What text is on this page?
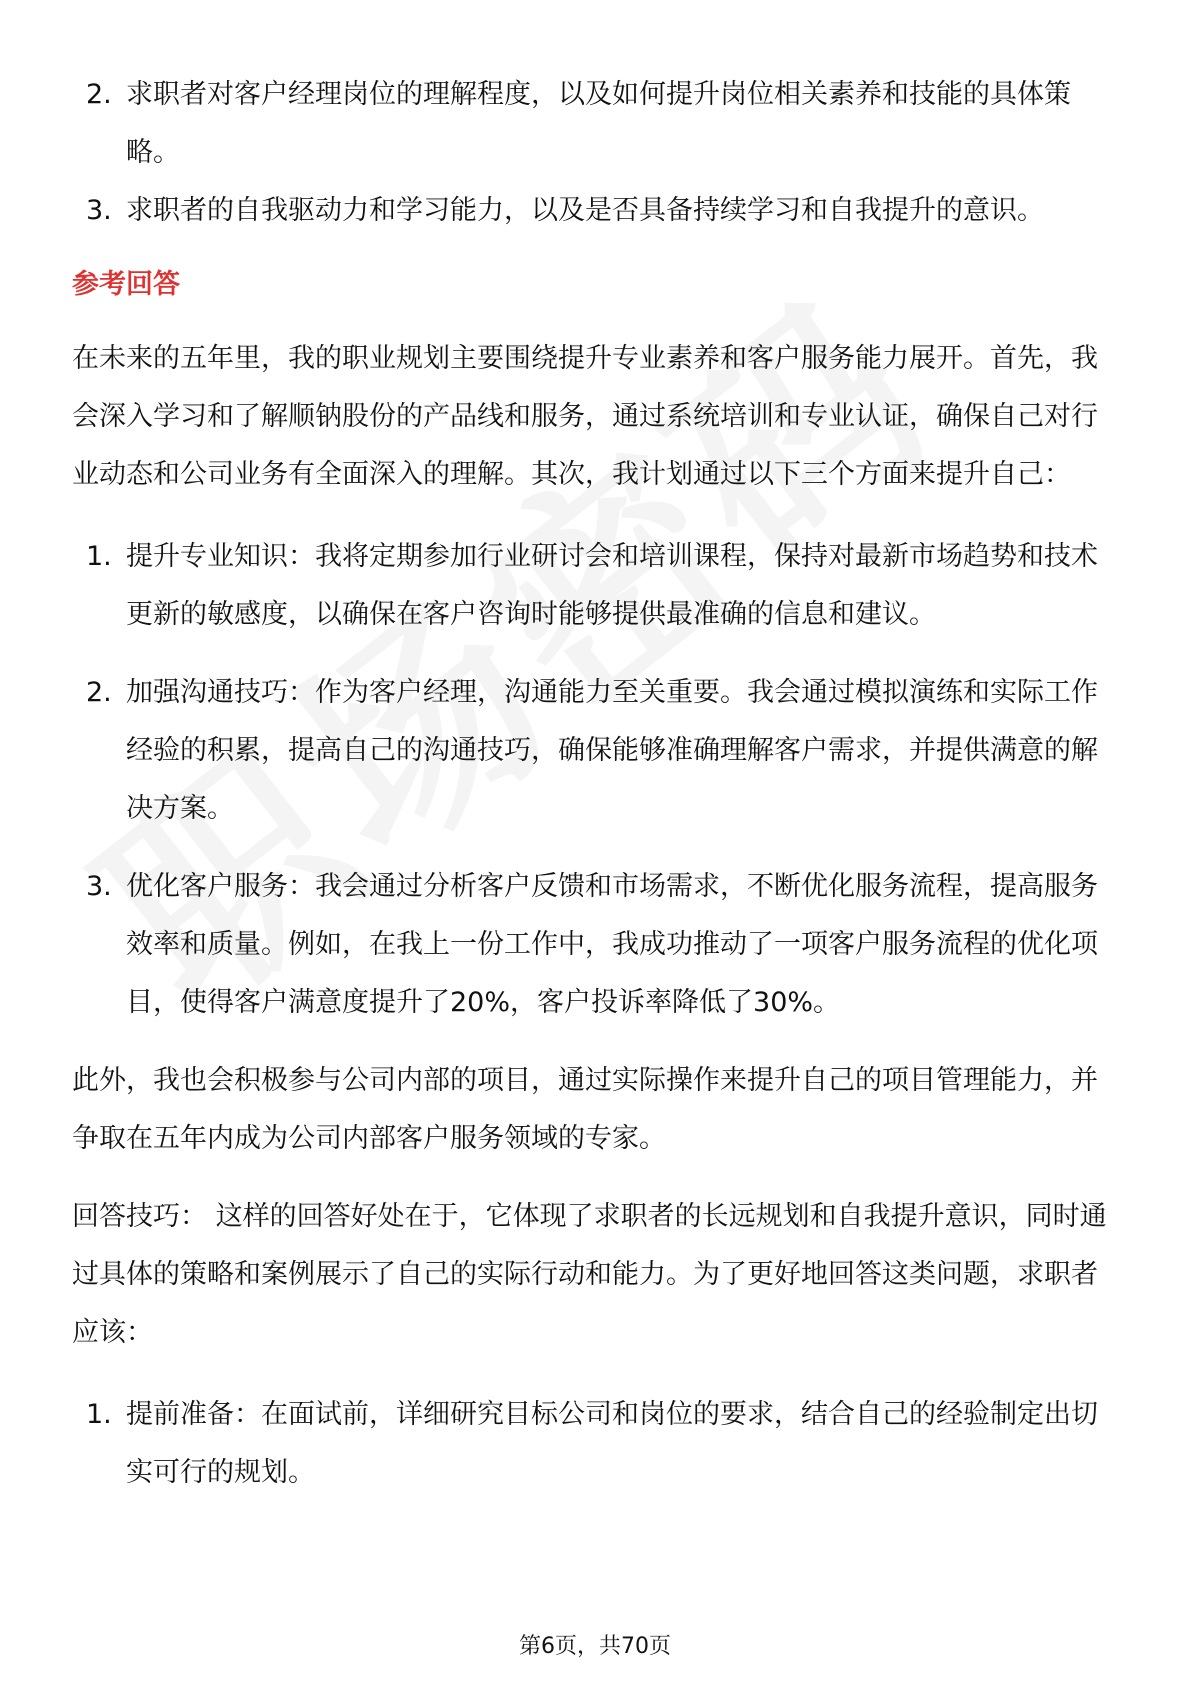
2. 求职者对客户经理岗位的理解程度，以及如何提升岗位相关素养和技能的具体策略。
3. 求职者的自我驱动力和学习能力，以及是否具备持续学习和自我提升的意识。
参考回答

在未来的五年里，我的职业规划主要围绕提升专业素养和客户服务能力展开。首先，我会深入学习和了解顺钠股份的产品线和服务，通过系统培训和专业认证，确保自己对行业动态和公司业务有全面深入的理解。其次，我计划通过以下三个方面来提升自己：

1. 提升专业知识：我将定期参加行业研讨会和培训课程，保持对最新市场趋势和技术更新的敏感度，以确保在客户咨询时能够提供最准确的信息和建议。
2. 加强沟通技巧：作为客户经理，沟通能力至关重要。我会通过模拟演练和实际工作经验的积累，提高自己的沟通技巧，确保能够准确理解客户需求，并提供满意的解决方案。
3. 优化客户服务：我会通过分析客户反馈和市场需求，不断优化服务流程，提高服务效率和质量。例如，在我上一份工作中，我成功推动了一项客户服务流程的优化项目，使得客户满意度提升了20%，客户投诉率降低了30%。

此外，我也会积极参与公司内部的项目，通过实际操作来提升自己的项目管理能力，并争取在五年内成为公司内部客户服务领域的专家。

回答技巧： 这样的回答好处在于，它体现了求职者的长远规划和自我提升意识，同时通过具体的策略和案例展示了自己的实际行动和能力。为了更好地回答这类问题，求职者应该：

1. 提前准备：在面试前，详细研究目标公司和岗位的要求，结合自己的经验制定出切实可行的规划。
第6页，共70页
